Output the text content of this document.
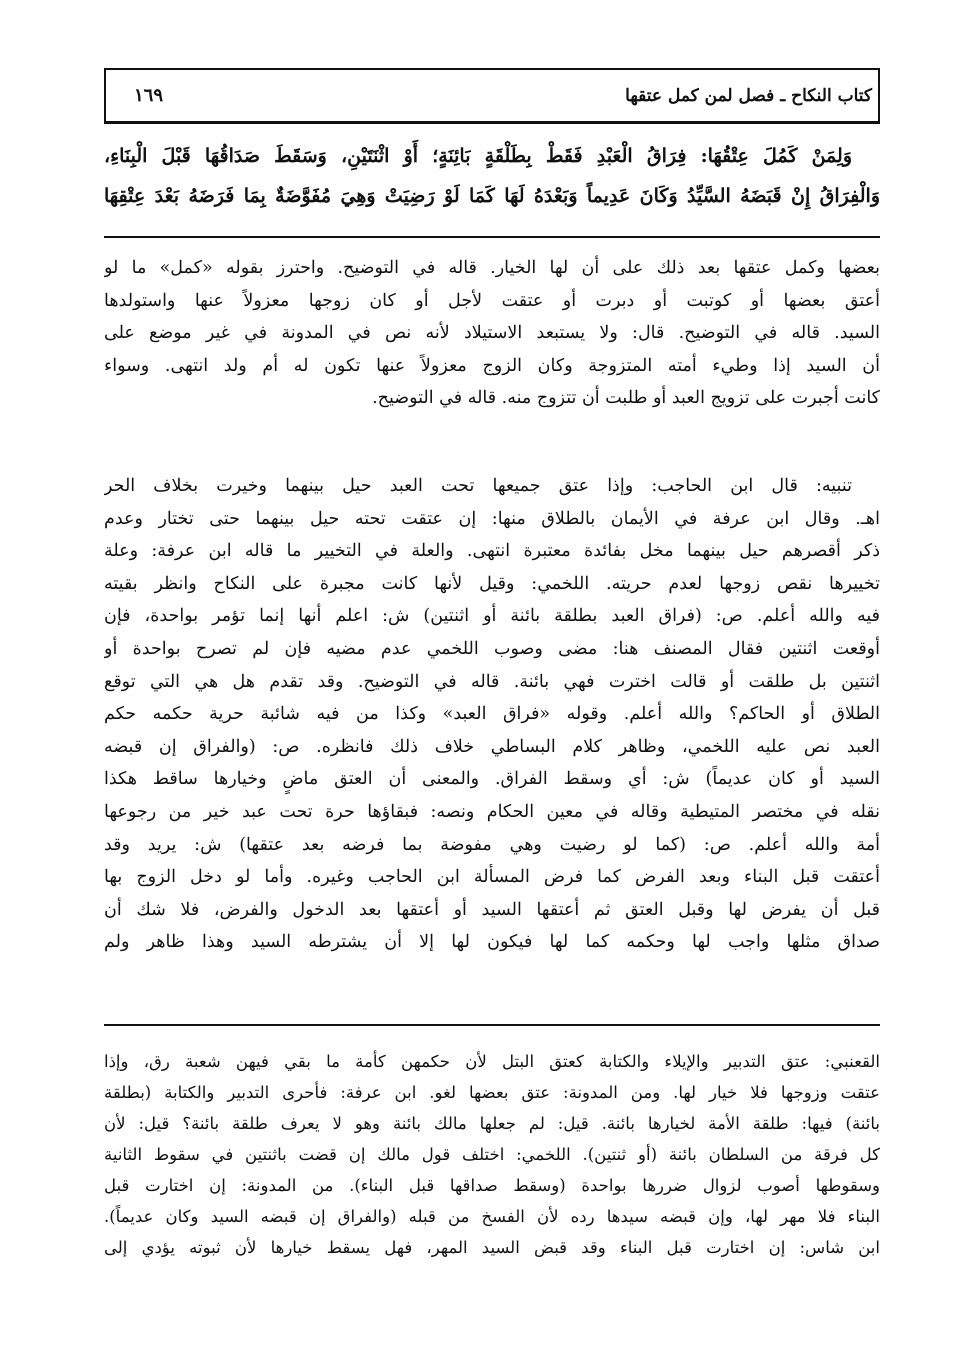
كتاب النكاح ـ فصل لمن كمل عتقها
١٦٩
وَلِمَنْ كَمُلَ عِتْقُهَا: فِرَاقُ الْعَبْدِ فَقَطْ بِطَلْقَةٍ بَائِنَةٍ؛ أَوْ اثْنَتَيْنِ، وَسَقَطَ صَدَاقُهَا قَبْلَ الْبِنَاءِ،
وَالْفِرَاقُ إِنْ قَبَضَهُ السَّيِّدُ وَكَانَ عَدِيماً وَبَعْدَهُ لَهَا كَمَا لَوْ رَضِيَتْ وَهِيَ مُفَوَّضَةٌ بِمَا فَرَضَهُ بَعْدَ عِتْقِهَا
بعضها وكمل عتقها بعد ذلك على أن لها الخيار. قاله في التوضيح. واحترز بقوله «كمل» ما لو
أعتق بعضها أو كوتبت أو دبرت أو عتقت لأجل أو كان زوجها معزولاً عنها واستولدها
السيد. قاله في التوضيح. قال: ولا يستبعد الاستيلاد لأنه نص في المدونة في غير موضع على
أن السيد إذا وطيء أمته المتزوجة وكان الزوج معزولاً عنها تكون له أم ولد انتهى. وسواء
كانت أجبرت على تزويج العبد أو طلبت أن تتزوج منه. قاله في التوضيح.
تنبيه: قال ابن الحاجب: وإذا عتق جميعها تحت العبد حيل بينهما وخيرت بخلاف الحر
اهـ. وقال ابن عرفة في الأيمان بالطلاق منها: إن عتقت تحته حيل بينهما حتى تختار وعدم
ذكر أقصرهم حيل بينهما مخل بفائدة معتبرة انتهى. والعلة في التخيير ما قاله ابن عرفة: وعلة
تخييرها نقص زوجها لعدم حريته. اللخمي: وقيل لأنها كانت مجبرة على النكاح وانظر بقيته
فيه والله أعلم. ص: (فراق العبد بطلقة بائنة أو اثنتين) ش: اعلم أنها إنما تؤمر بواحدة، فإن
أوقعت اثنتين فقال المصنف هنا: مضى وصوب اللخمي عدم مضيه فإن لم تصرح بواحدة أو
اثنتين بل طلقت أو قالت اخترت فهي بائنة. قاله في التوضيح. وقد تقدم هل هي التي توقع
الطلاق أو الحاكم؟ والله أعلم. وقوله «فراق العبد» وكذا من فيه شائبة حرية حكمه حكم
العبد نص عليه اللخمي، وظاهر كلام البساطي خلاف ذلك فانظره. ص: (والفراق إن قبضه
السيد أو كان عديماً) ش: أي وسقط الفراق. والمعنى أن العتق ماضٍ وخيارها ساقط هكذا
نقله في مختصر المتيطية وقاله في معين الحكام ونصه: فبقاؤها حرة تحت عبد خير من رجوعها
أمة والله أعلم. ص: (كما لو رضيت وهي مفوضة بما فرضه بعد عتقها) ش: يريد وقد
أعتقت قبل البناء وبعد الفرض كما فرض المسألة ابن الحاجب وغيره. وأما لو دخل الزوج بها
قبل أن يفرض لها وقبل العتق ثم أعتقها السيد أو أعتقها بعد الدخول والفرض، فلا شك أن
صداق مثلها واجب لها وحكمه كما لها فيكون لها إلا أن يشترطه السيد وهذا ظاهر ولم
القعنبي: عتق التدبير والإيلاء والكتابة كعتق البتل لأن حكمهن كأمة ما بقي فيهن شعبة رق، وإذا
عتقت وزوجها فلا خيار لها. ومن المدونة: عتق بعضها لغو. ابن عرفة: فأحرى التدبير والكتابة (بطلقة
بائنة) فيها: طلقة الأمة لخيارها بائنة. قيل: لم جعلها مالك بائنة وهو لا يعرف طلقة بائنة؟ قيل: لأن
كل فرقة من السلطان بائنة (أو ثنتين). اللخمي: اختلف قول مالك إن قضت باثنتين في سقوط الثانية
وسقوطها أصوب لزوال ضررها بواحدة (وسقط صداقها قبل البناء). من المدونة: إن اختارت قبل
البناء فلا مهر لها، وإن قبضه سيدها رده لأن الفسخ من قبله (والفراق إن قبضه السيد وكان عديماً).
ابن شاس: إن اختارت قبل البناء وقد قبض السيد المهر، فهل يسقط خيارها لأن ثبوته يؤدي إلى
